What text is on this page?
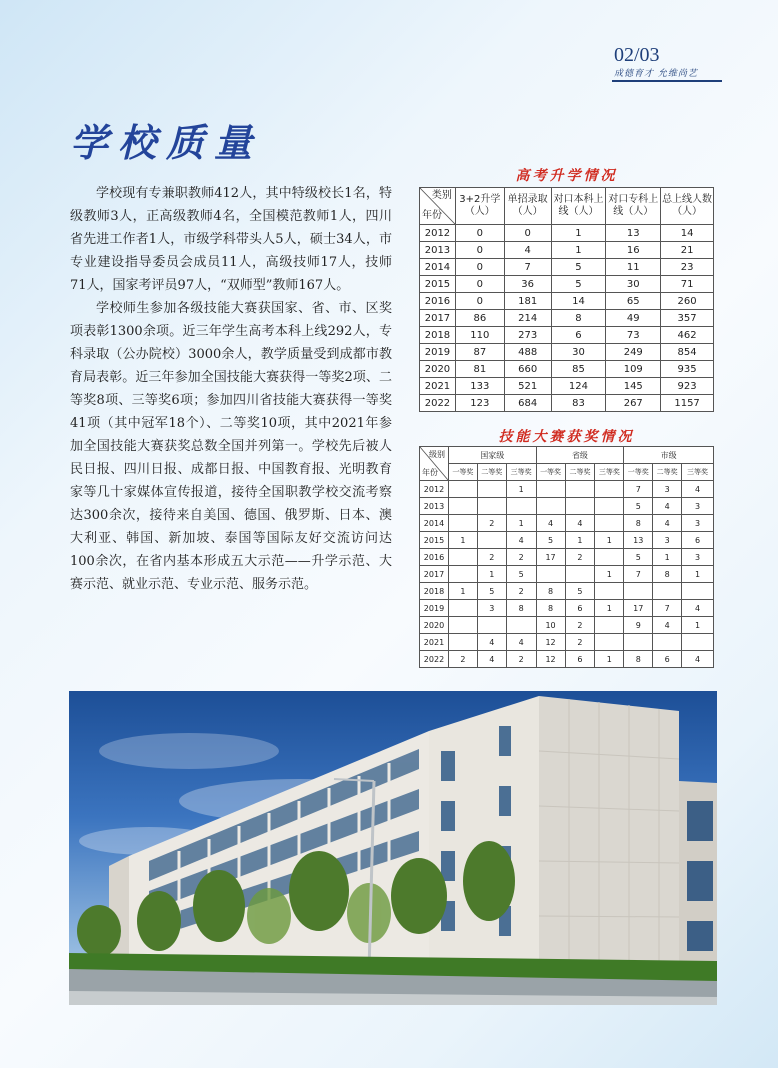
02/03
成德育才 允维尚艺
学校质量

学校现有专兼职教师412人，其中特级校长1名，特级教师3人，正高级教师4名，全国模范教师1人，四川省先进工作者1人，市级学科带头人5人，硕士34人，市专业建设指导委员会成员11人，高级技师17人，技师71人，国家考评员97人，“双师型”教师167人。

学校师生参加各级技能大赛获国家、省、市、区奖项表彰1300余项。近三年学生高考本科上线292人，专科录取（公办院校）3000余人，教学质量受到成都市教育局表彰。近三年参加全国技能大赛获得一等奖2项、二等奖8项、三等奖6项；参加四川省技能大赛获得一等奖41项（其中冠军18个）、二等奖10项，其中2021年参加全国技能大赛获奖总数全国并列第一。学校先后被人民日报、四川日报、成都日报、中国教育报、光明教育家等几十家媒体宣传报道，接待全国职教学校交流考察达300余次，接待来自美国、德国、俄罗斯、日本、澳大利亚、韩国、新加坡、泰国等国际友好交流访问达100余次，在省内基本形成五大示范——升学示范、大赛示范、就业示范、专业示范、服务示范。

高考升学情况
类别
年份	3+2升学（人）	单招录取（人）	对口本科上线（人）	对口专科上线（人）	总上线人数（人）
2012	0	0	1	13	14
2013	0	4	1	16	21
2014	0	7	5	11	23
2015	0	36	5	30	71
2016	0	181	14	65	260
2017	86	214	8	49	357
2018	110	273	6	73	462
2019	87	488	30	249	854
2020	81	660	85	109	935
2021	133	521	124	145	923
2022	123	684	83	267	1157
技能大赛获奖情况
级别
年份	国家级			省级			市级		
	一等奖	二等奖	三等奖	一等奖	二等奖	三等奖	一等奖	二等奖	三等奖
2012			1				7	3	4
2013							5	4	3
2014		2	1	4	4		8	4	3
2015	1		4	5	1	1	13	3	6
2016		2	2	17	2		5	1	3
2017		1	5			1	7	8	1
2018	1	5	2	8	5				
2019		3	8	8	6	1	17	7	4
2020				10	2		9	4	1
2021		4	4	12	2				
2022	2	4	2	12	6	1	8	6	4
